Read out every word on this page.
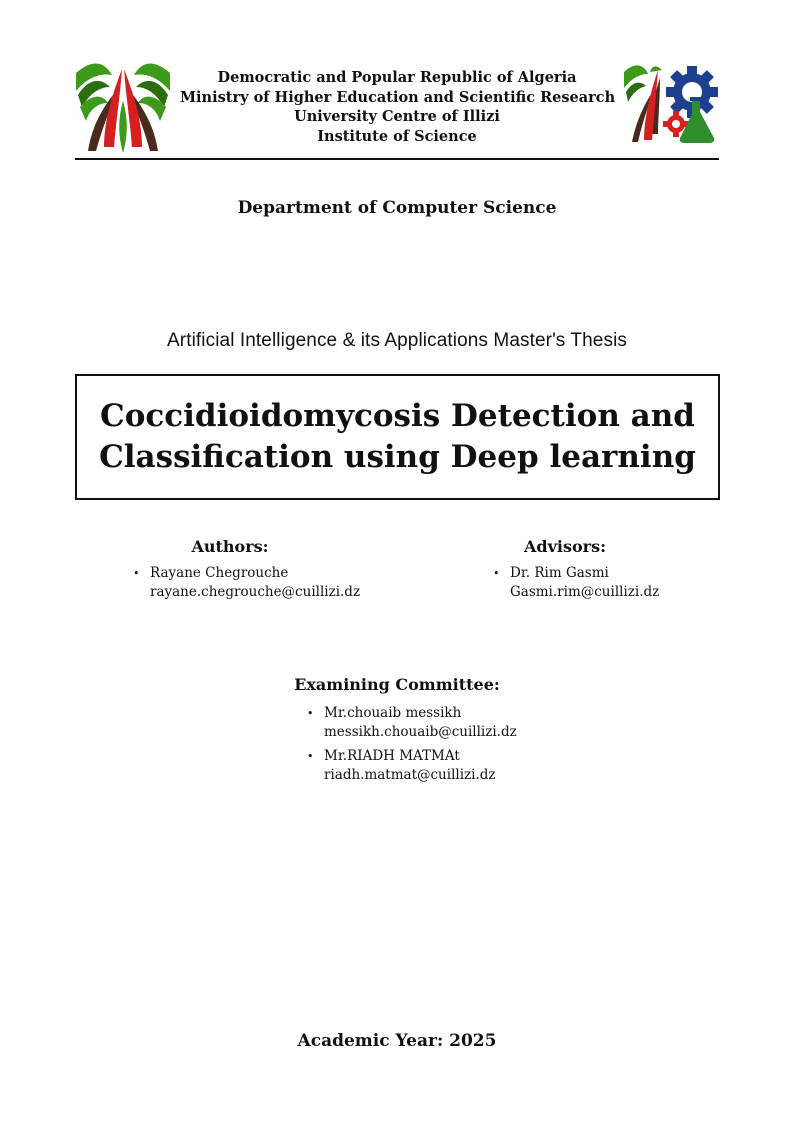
Democratic and Popular Republic of Algeria
Ministry of Higher Education and Scientific Research
University Centre of Illizi
Institute of Science
Department of Computer Science
Artificial Intelligence & its Applications Master's Thesis
Coccidioidomycosis Detection and
Classification using Deep learning
Authors:
• Rayane Chegrouche
rayane.chegrouche@cuillizi.dz
Advisors:
• Dr. Rim Gasmi
Gasmi.rim@cuillizi.dz
Examining Committee:
• Mr.chouaib messikh
messikh.chouaib@cuillizi.dz
• Mr.RIADH MATMAt
riadh.matmat@cuillizi.dz
Academic Year: 2025
